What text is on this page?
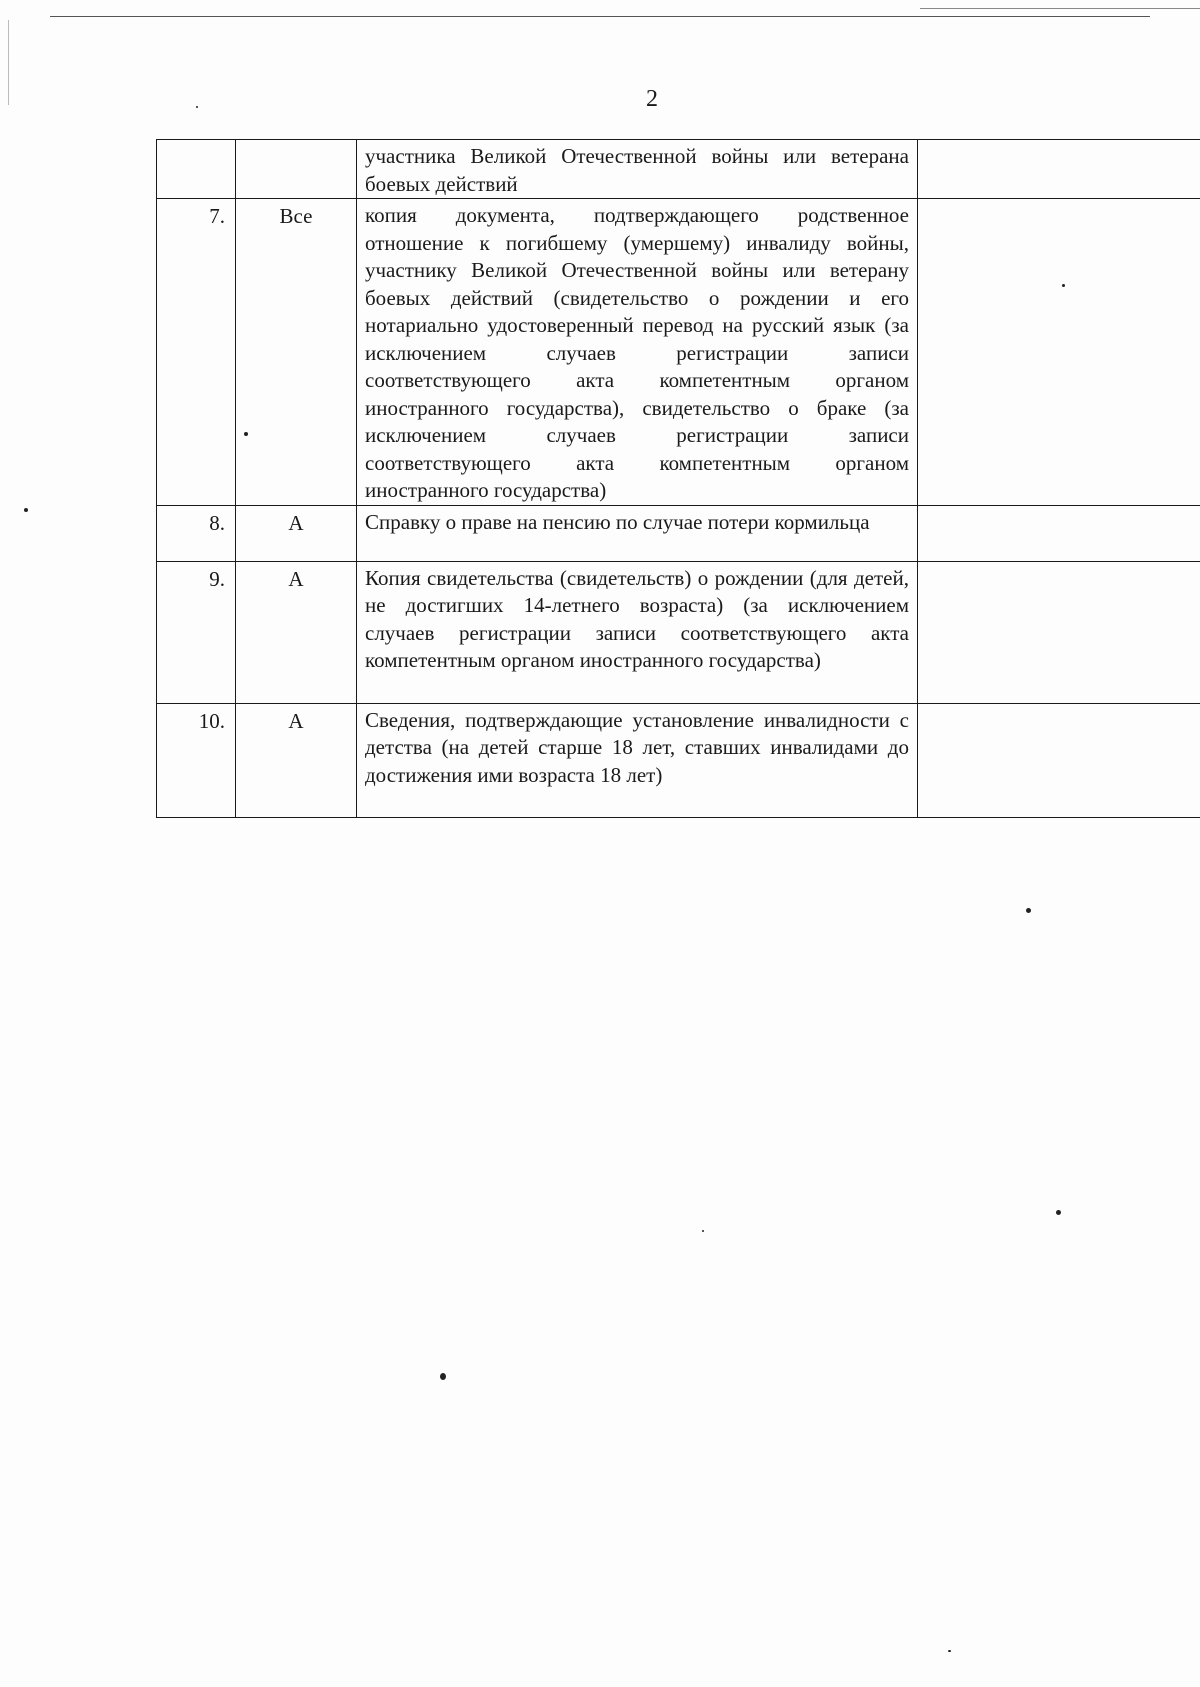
2
		участника Великой Отечественной войны или ветерана боевых действий	
7.	Все	копия документа, подтверждающего родственное отношение к погибшему (умершему) инвалиду войны, участнику Великой Отечественной войны или ветерану боевых действий (свидетельство о рождении и его нотариально удостоверенный перевод на русский язык (за исключением случаев регистрации записи соответствующего акта компетентным органом иностранного государства), свидетельство о браке (за исключением случаев регистрации записи соответствующего акта компетентным органом иностранного государства)	
8.	А	Справку о праве на пенсию по случае потери кормильца	
9.	А	Копия свидетельства (свидетельств) о рождении (для детей, не достигших 14-летнего возраста) (за исключением случаев регистрации записи соответствующего акта компетентным органом иностранного государства)	
10.	А	Сведения, подтверждающие установление инвалидности с детства (на детей старше 18 лет, ставших инвалидами до достижения ими возраста 18 лет)	
